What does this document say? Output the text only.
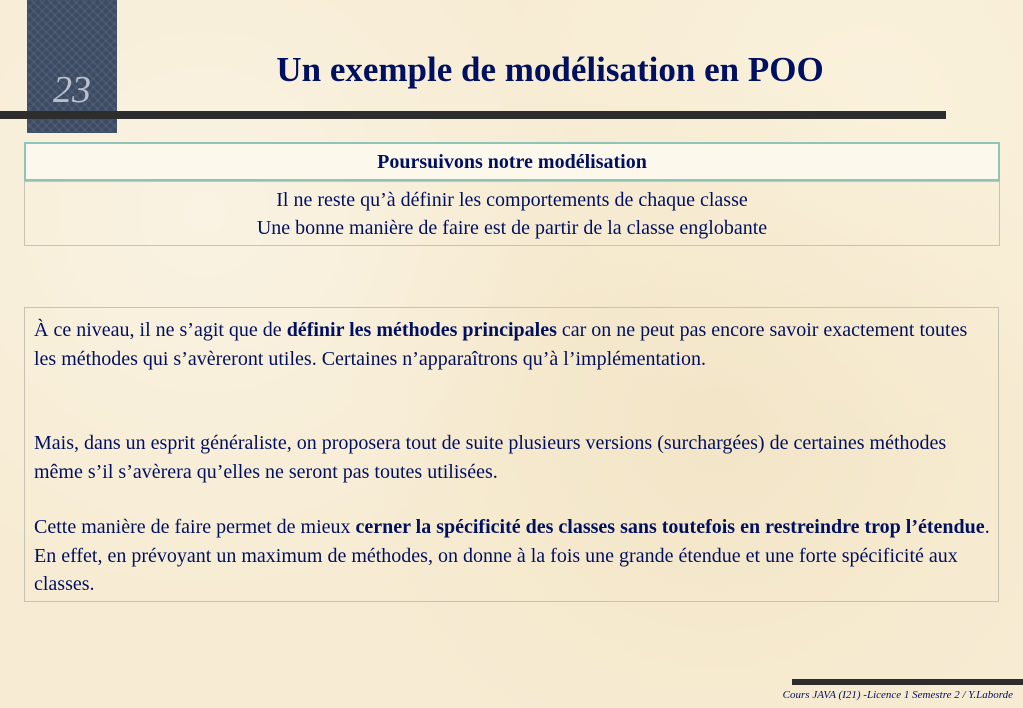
23	Un exemple de modélisation en POO
Poursuivons notre modélisation
Il ne reste qu’à définir les comportements de chaque classe
Une bonne manière de faire est de partir de la classe englobante
À ce niveau, il ne s’agit que de définir les méthodes principales car on ne peut pas encore savoir exactement toutes les méthodes qui s’avèreront utiles. Certaines n’apparaîtrons qu’à l’implémentation.
Mais, dans un esprit généraliste, on proposera tout de suite plusieurs versions (surchargées) de certaines méthodes même s’il s’avèrera qu’elles ne seront pas toutes utilisées.
Cette manière de faire permet de mieux cerner la spécificité des classes sans toutefois en restreindre trop l’étendue. En effet, en prévoyant un maximum de méthodes, on donne à la fois une grande étendue et une forte spécificité aux classes.
Cours JAVA (I21) -Licence 1 Semestre 2 / Y.Laborde
